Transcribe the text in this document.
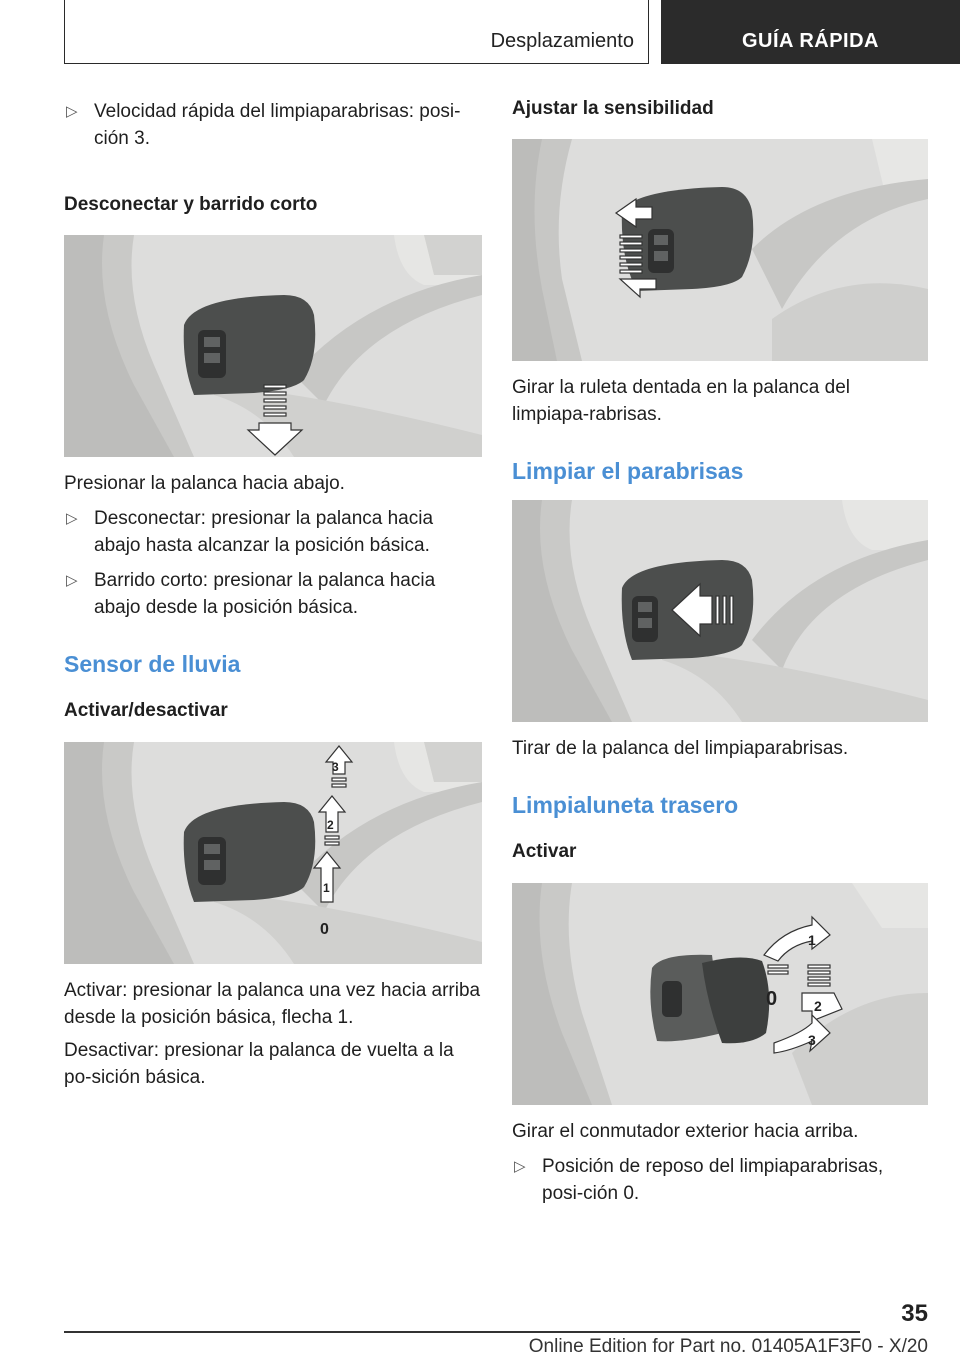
Desplazamiento	GUÍA RÁPIDA
▷ Velocidad rápida del limpiaparabrisas: posi-ción 3.
Desconectar y barrido corto

Presionar la palanca hacia abajo.

▷ Desconectar: presionar la palanca hacia abajo hasta alcanzar la posición básica.
▷ Barrido corto: presionar la palanca hacia abajo desde la posición básica.
Sensor de lluvia
Activar/desactivar
3
2
1
0

Activar: presionar la palanca una vez hacia arriba desde la posición básica, flecha 1.

Desactivar: presionar la palanca de vuelta a la po-sición básica.

Ajustar la sensibilidad

Girar la ruleta dentada en la palanca del limpiapa-rabrisas.

Limpiar el parabrisas

Tirar de la palanca del limpiaparabrisas.

Limpialuneta trasero
Activar
1
0	2
3

Girar el conmutador exterior hacia arriba.

▷ Posición de reposo del limpiaparabrisas, posi-ción 0.
35
Online Edition for Part no. 01405A1F3F0 - X/20
